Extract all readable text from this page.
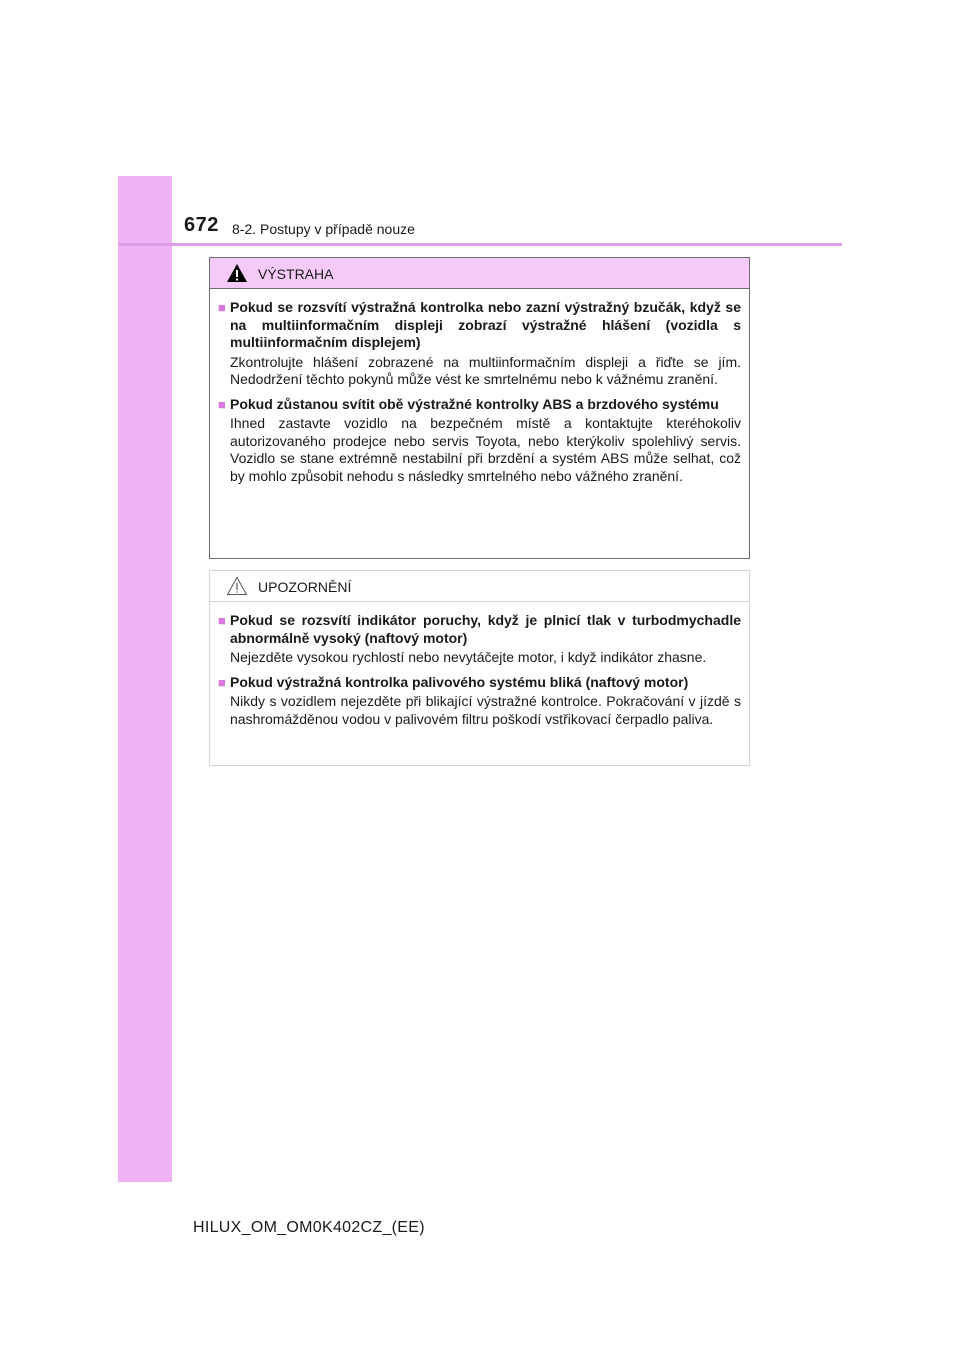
672 8-2. Postupy v případě nouze
VÝSTRAHA
■ Pokud se rozsvítí výstražná kontrolka nebo zazní výstražný bzučák, když se na multiinformačním displeji zobrazí výstražné hlášení (vozidla s multiinformačním displejem)
Zkontrolujte hlášení zobrazené na multiinformačním displeji a řiďte se jím. Nedodržení těchto pokynů může vést ke smrtelnému nebo k vážnému zranění.
■ Pokud zůstanou svítit obě výstražné kontrolky ABS a brzdového systému
Ihned zastavte vozidlo na bezpečném místě a kontaktujte kteréhokoliv autorizovaného prodejce nebo servis Toyota, nebo kterýkoliv spolehlivý servis. Vozidlo se stane extrémně nestabilní při brzdění a systém ABS může selhat, což by mohlo způsobit nehodu s následky smrtelného nebo vážného zranění.
UPOZORNĚNÍ
■ Pokud se rozsvítí indikátor poruchy, když je plnicí tlak v turbodmychadle abnormálně vysoký (naftový motor)
Nejezděte vysokou rychlostí nebo nevytáčejte motor, i když indikátor zhasne.
■ Pokud výstražná kontrolka palivového systému bliká (naftový motor)
Nikdy s vozidlem nejezděte při blikající výstražné kontrolce. Pokračování v jízdě s nashromážděnou vodou v palivovém filtru poškodí vstřikovací čerpadlo paliva.
HILUX_OM_OM0K402CZ_(EE)
